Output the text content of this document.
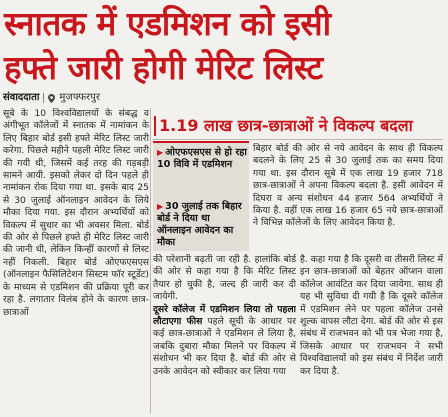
स्नातक में एडमिशन को इसी
हफ्ते जारी होगी मेरिट लिस्ट
संवाददाता मुजफ्फरपुर

सूबे के 10 विश्वविद्यालयों के संबद्ध व अंगीभूत कॉलेजों में स्नातक में नामांकन के लिए बिहार बोर्ड इसी हफ्ते मेरिट लिस्ट जारी करेगा. पिछले महीने पहली मेरिट लिस्ट जारी की गयी थी, जिसमें कई तरह की गड़बड़ी सामने आयी. इसको लेकर दो दिन पहले ही नामांकन रोक दिया गया था. इसके बाद 25 से 30 जुलाई ऑनलाइन आवेदन के लिये मौका दिया गया. इस दौरान अभ्यर्थियों को विकल्प में सुधार का भी अवसर मिला. बोर्ड की ओर से पिछले हफ्ते ही मेरिट लिस्ट जारी की जानी थी, लेकिन किन्हीं कारणों से लिस्ट नहीं निकली. बिहार बोर्ड ओएफएसएस (ऑनलाइन फैसिलिटेशन सिस्टम फॉर स्टूडेंट) के माध्यम से एडमिशन की प्रक्रिया पूरी कर रहा है. लगातार विलंब होने के कारण छात्र-छात्राओं

1.19 लाख छात्र-छात्राओं ने विकल्प बदला
▶ ओएफएसएस से हो रहा 10 विवि में एडमिशन
▶ 30 जुलाई तक बिहार बोर्ड ने दिया था ऑनलाइन आवेदन का मौका

बिहार बोर्ड की ओर से नये आवेदन के साथ ही विकल्प बदलने के लिए 25 से 30 जुलाई तक का समय दिया गया था. इस दौरान सूबे में एक लाख 19 हजार 718 छात्र-छात्राओं ने अपना विकल्प बदला है. इसी आवेदन में दिघरा व अन्य संशोधन 44 हजार 564 अभ्यर्थियों ने किया है. वहीं एक लाख 16 हजार 65 नये छात्र-छात्राओं ने विभिन्न कॉलेजों के लिए आवेदन किया है.

की परेशानी बढ़ती जा रही है. हालांकि बोर्ड की ओर से कहा गया है कि मेरिट लिस्ट तैयार हो चुकी है, जल्द ही जारी कर दी जायेगी.

दूसरे कॉलेज में एडमिशन लिया तो पहला लौटाएगा फीस पहले सूची के आधार पर कई छात्र-छात्राओं ने एडमिशन ले लिया है, जबकि दुबारा मौका मिलने पर विकल्प में संशोधन भी कर दिया है. बोर्ड की ओर से उनके आवेदन को स्वीकार कर लिया गया

है. कहा गया है कि दूसरी वा तीसरी लिस्ट में इन छात्र-छात्राओं को बेहतर ऑप्शन वाला कॉलेज आवंटित कर दिया जायेगा. साथ ही यह भी सुविधा दी गयी है कि दूसरे कॉलेज में एडमिशन लेने पर पहला कॉलेज उनसे शुल्क वापस लौटा देगा. बोर्ड की ओर से इस संबंध में राजभवन को भी पत्र भेजा गया है, जिसके आधार पर राजभवन ने सभी विश्वविद्यालयों को इस संबंध में निर्देश जारी कर दिया है.
